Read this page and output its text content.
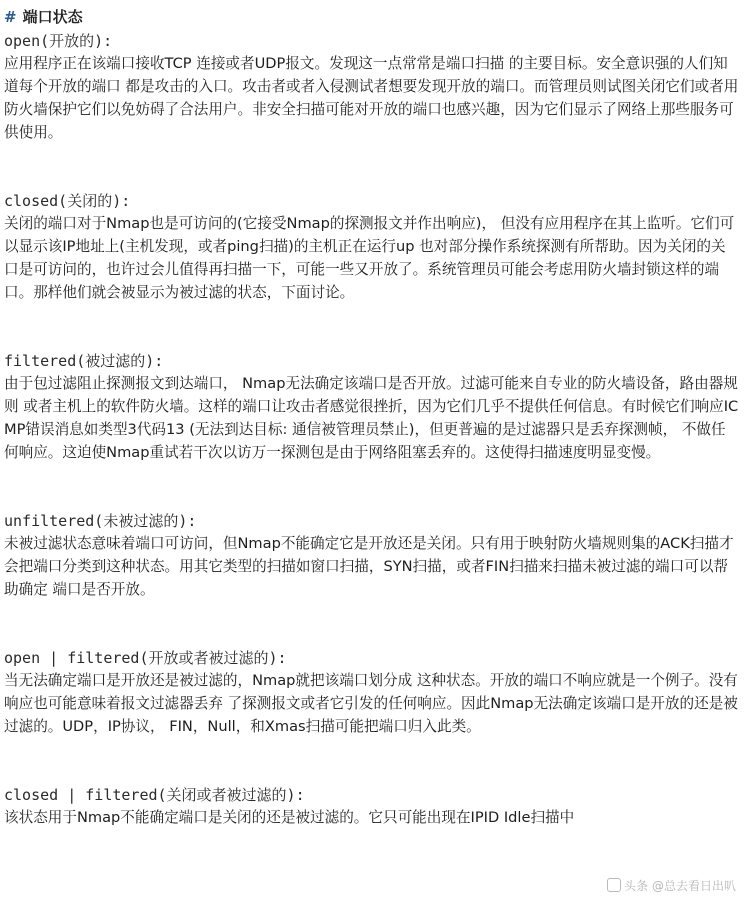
# 端口状态
open(开放的):

应用程序正在该端口接收TCP 连接或者UDP报文。发现这一点常常是端口扫描 的主要目标。安全意识强的人们知道每个开放的端口 都是攻击的入口。攻击者或者入侵测试者想要发现开放的端口。而管理员则试图关闭它们或者用防火墙保护它们以免妨碍了合法用户。非安全扫描可能对开放的端口也感兴趣，因为它们显示了网络上那些服务可供使用。

closed(关闭的):

关闭的端口对于Nmap也是可访问的(它接受Nmap的探测报文并作出响应)， 但没有应用程序在其上监听。它们可以显示该IP地址上(主机发现，或者ping扫描)的主机正在运行up 也对部分操作系统探测有所帮助。因为关闭的关口是可访问的，也许过会儿值得再扫描一下，可能一些又开放了。系统管理员可能会考虑用防火墙封锁这样的端口。那样他们就会被显示为被过滤的状态，下面讨论。

filtered(被过滤的):

由于包过滤阻止探测报文到达端口， Nmap无法确定该端口是否开放。过滤可能来自专业的防火墙设备，路由器规则 或者主机上的软件防火墙。这样的端口让攻击者感觉很挫折，因为它们几乎不提供任何信息。有时候它们响应ICMP错误消息如类型3代码13 (无法到达目标: 通信被管理员禁止)，但更普遍的是过滤器只是丢弃探测帧， 不做任何响应。这迫使Nmap重试若干次以访万一探测包是由于网络阻塞丢弃的。这使得扫描速度明显变慢。

unfiltered(未被过滤的):

未被过滤状态意味着端口可访问，但Nmap不能确定它是开放还是关闭。只有用于映射防火墙规则集的ACK扫描才会把端口分类到这种状态。用其它类型的扫描如窗口扫描，SYN扫描，或者FIN扫描来扫描未被过滤的端口可以帮助确定 端口是否开放。

open | filtered(开放或者被过滤的):

当无法确定端口是开放还是被过滤的，Nmap就把该端口划分成 这种状态。开放的端口不响应就是一个例子。没有响应也可能意味着报文过滤器丢弃 了探测报文或者它引发的任何响应。因此Nmap无法确定该端口是开放的还是被过滤的。UDP，IP协议， FIN，Null，和Xmas扫描可能把端口归入此类。

closed | filtered(关闭或者被过滤的):

该状态用于Nmap不能确定端口是关闭的还是被过滤的。它只可能出现在IPID Idle扫描中

头条 @总去看日出叭
